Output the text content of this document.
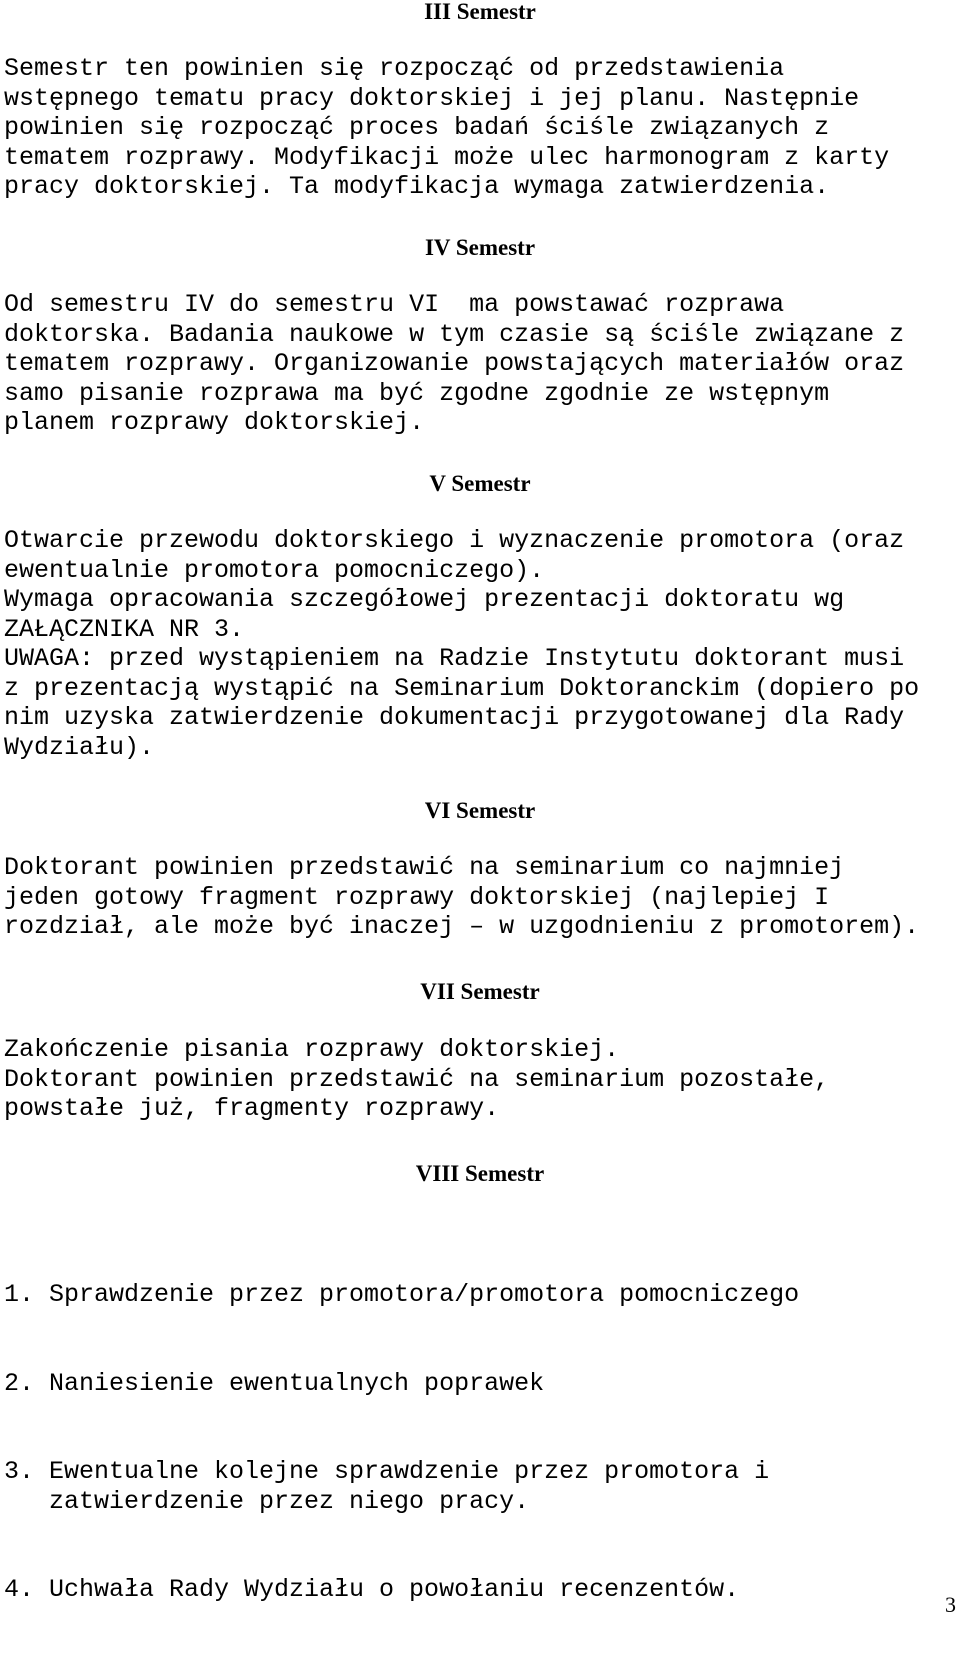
III Semestr

Semestr ten powinien się rozpocząć od przedstawienia
wstępnego tematu pracy doktorskiej i jej planu. Następnie
powinien się rozpocząć proces badań ściśle związanych z
tematem rozprawy. Modyfikacji może ulec harmonogram z karty
pracy doktorskiej. Ta modyfikacja wymaga zatwierdzenia.

IV Semestr

Od semestru IV do semestru VI  ma powstawać rozprawa
doktorska. Badania naukowe w tym czasie są ściśle związane z
tematem rozprawy. Organizowanie powstających materiałów oraz
samo pisanie rozprawa ma być zgodne zgodnie ze wstępnym
planem rozprawy doktorskiej.

V Semestr

Otwarcie przewodu doktorskiego i wyznaczenie promotora (oraz
ewentualnie promotora pomocniczego).
Wymaga opracowania szczegółowej prezentacji doktoratu wg
ZAŁĄCZNIKA NR 3.
UWAGA: przed wystąpieniem na Radzie Instytutu doktorant musi
z prezentacją wystąpić na Seminarium Doktoranckim (dopiero po
nim uzyska zatwierdzenie dokumentacji przygotowanej dla Rady
Wydziału).

VI Semestr

Doktorant powinien przedstawić na seminarium co najmniej
jeden gotowy fragment rozprawy doktorskiej (najlepiej I
rozdział, ale może być inaczej – w uzgodnieniu z promotorem).

VII Semestr

Zakończenie pisania rozprawy doktorskiej.
Doktorant powinien przedstawić na seminarium pozostałe,
powstałe już, fragmenty rozprawy.

VIII Semestr

1. Sprawdzenie przez promotora/promotora pomocniczego

2. Naniesienie ewentualnych poprawek

3. Ewentualne kolejne sprawdzenie przez promotora i
zatwierdzenie przez niego pracy.

4. Uchwała Rady Wydziału o powołaniu recenzentów.

3
